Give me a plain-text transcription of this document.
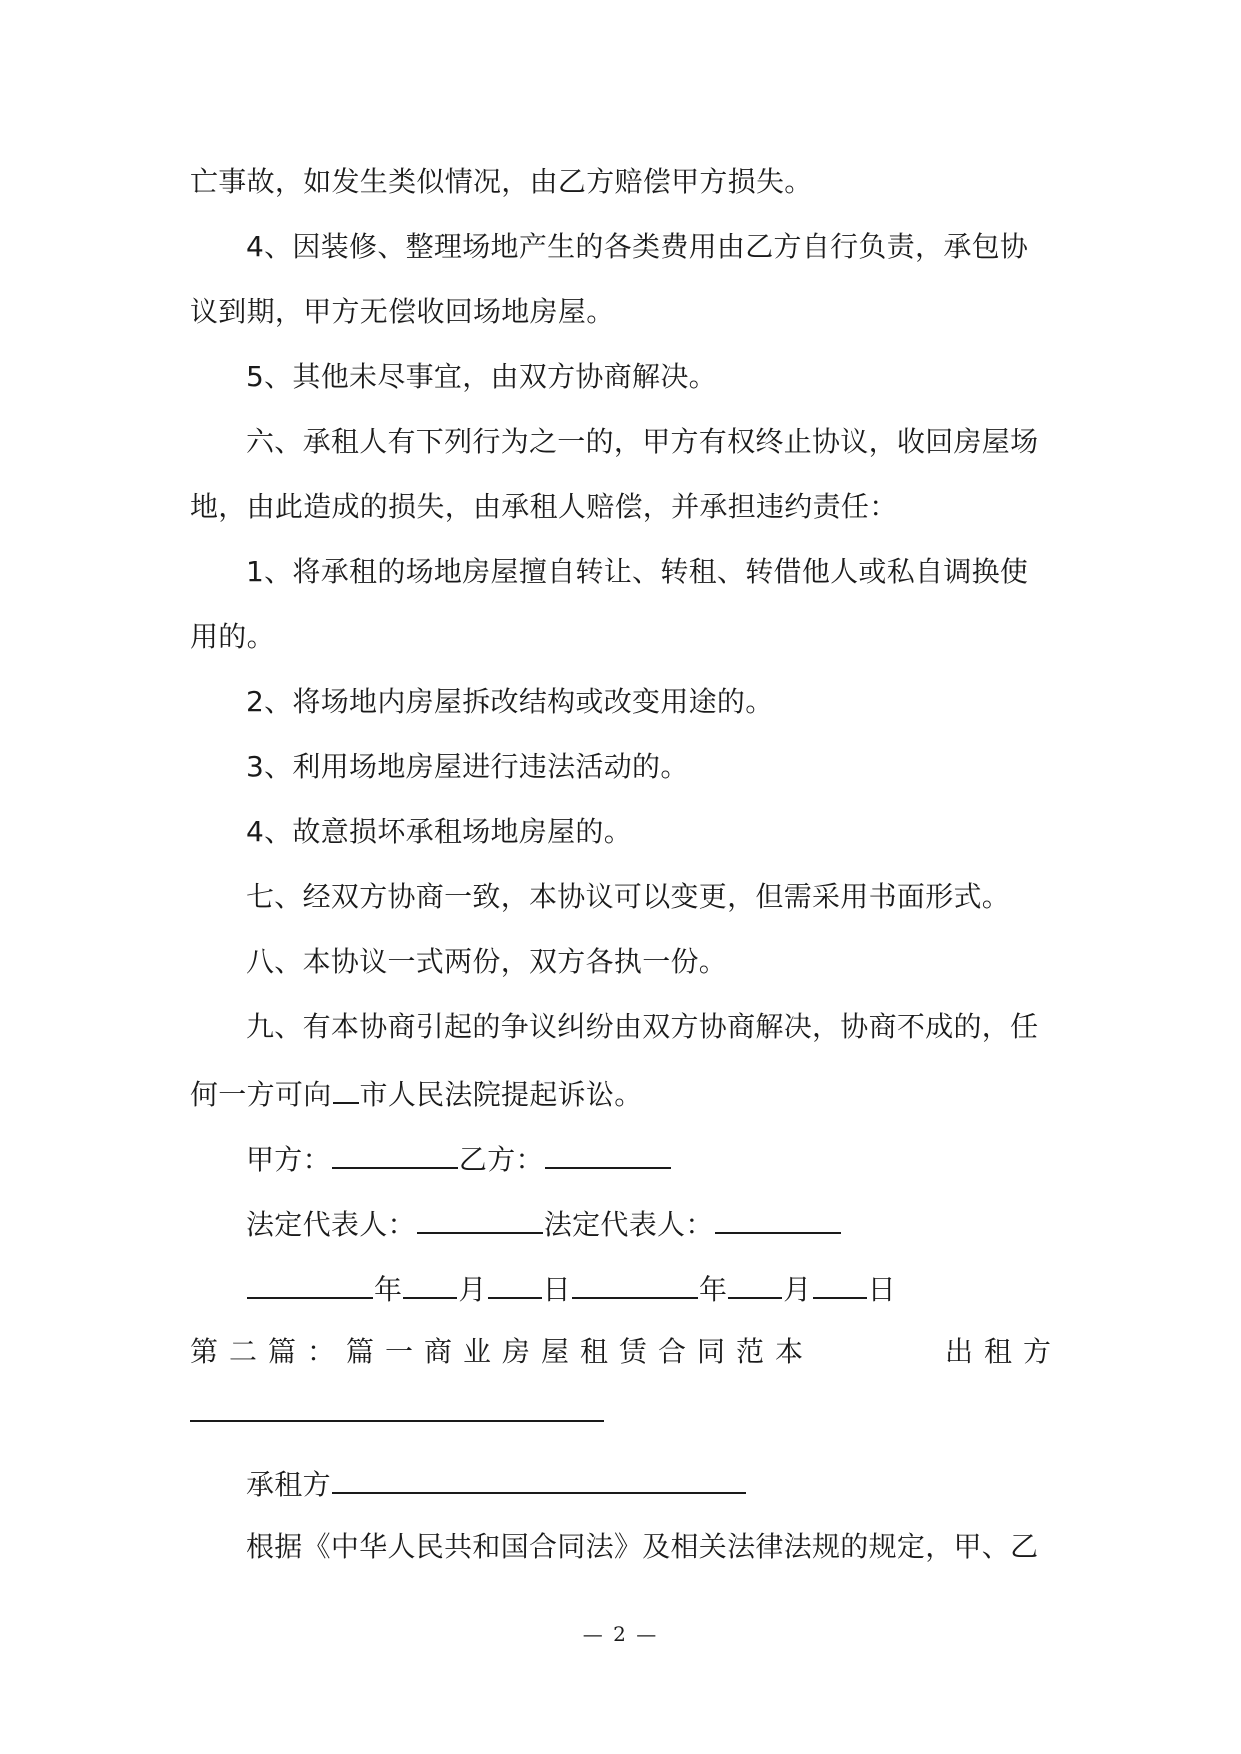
亡事故，如发生类似情况，由乙方赔偿甲方损失。
4、因装修、整理场地产生的各类费用由乙方自行负责，承包协
议到期，甲方无偿收回场地房屋。
5、其他未尽事宜，由双方协商解决。
六、承租人有下列行为之一的，甲方有权终止协议，收回房屋场
地，由此造成的损失，由承租人赔偿，并承担违约责任：
1、将承租的场地房屋擅自转让、转租、转借他人或私自调换使
用的。
2、将场地内房屋拆改结构或改变用途的。
3、利用场地房屋进行违法活动的。
4、故意损坏承租场地房屋的。
七、经双方协商一致，本协议可以变更，但需采用书面形式。
八、本协议一式两份，双方各执一份。
九、有本协商引起的争议纠纷由双方协商解决，协商不成的，任
何一方可向 市人民法院提起诉讼。
甲方：	乙方：
法定代表人：	法定代表人：
年 月 日	年 月 日
第二篇：篇一商业房屋租赁合同范本	出租方
承租方
根据《中华人民共和国合同法》及相关法律法规的规定，甲、乙
— 2 —
